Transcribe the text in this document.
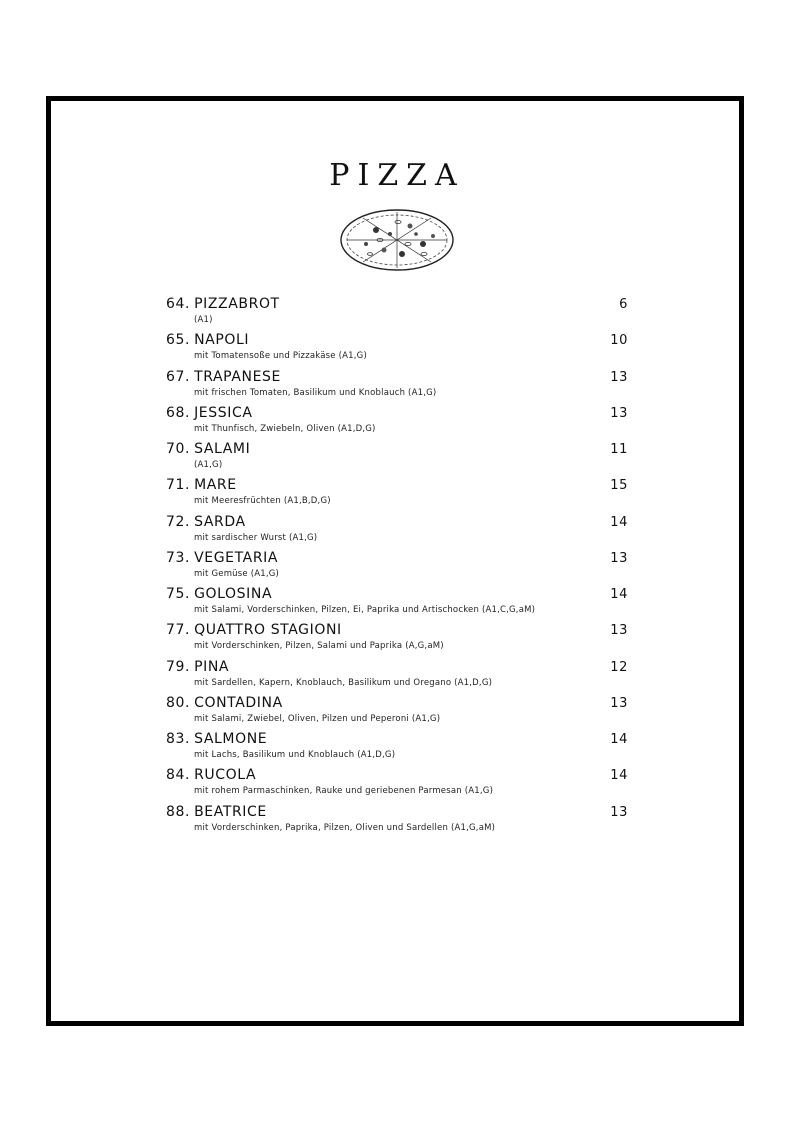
PIZZA
64. PIZZABROT	6
(A1)
65. NAPOLI	10
mit Tomatensoße und Pizzakäse (A1,G)
67. TRAPANESE	13
mit frischen Tomaten, Basilikum und Knoblauch (A1,G)
68. JESSICA	13
mit Thunfisch, Zwiebeln, Oliven (A1,D,G)
70. SALAMI	11
(A1,G)
71. MARE	15
mit Meeresfrüchten (A1,B,D,G)
72. SARDA	14
mit sardischer Wurst (A1,G)
73. VEGETARIA	13
mit Gemüse (A1,G)
75. GOLOSINA	14
mit Salami, Vorderschinken, Pilzen, Ei, Paprika und Artischocken (A1,C,G,aM)
77. QUATTRO STAGIONI	13
mit Vorderschinken, Pilzen, Salami und Paprika (A,G,aM)
79. PINA	12
mit Sardellen, Kapern, Knoblauch, Basilikum und Oregano (A1,D,G)
80. CONTADINA	13
mit Salami, Zwiebel, Oliven, Pilzen und Peperoni (A1,G)
83. SALMONE	14
mit Lachs, Basilikum und Knoblauch (A1,D,G)
84. RUCOLA	14
mit rohem Parmaschinken, Rauke und geriebenen Parmesan (A1,G)
88. BEATRICE	13
mit Vorderschinken, Paprika, Pilzen, Oliven und Sardellen (A1,G,aM)
